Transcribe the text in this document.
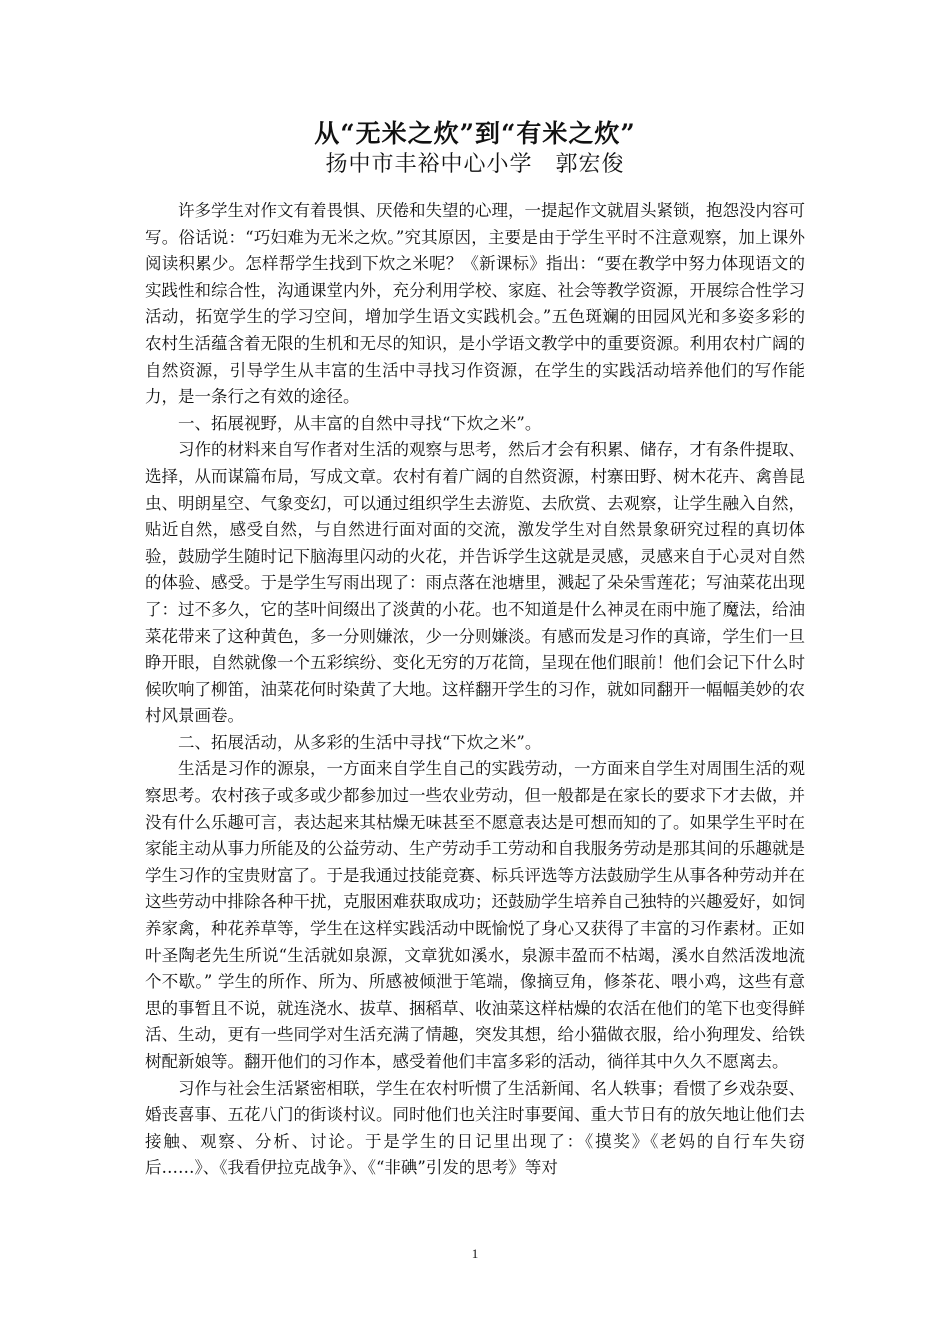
从“无米之炊”到“有米之炊”
扬中市丰裕中心小学　郭宏俊

许多学生对作文有着畏惧、厌倦和失望的心理，一提起作文就眉头紧锁，抱怨没内容可写。俗话说：“巧妇难为无米之炊。”究其原因，主要是由于学生平时不注意观察，加上课外阅读积累少。怎样帮学生找到下炊之米呢？《新课标》指出：“要在教学中努力体现语文的实践性和综合性，沟通课堂内外，充分利用学校、家庭、社会等教学资源，开展综合性学习活动，拓宽学生的学习空间，增加学生语文实践机会。”五色斑斓的田园风光和多姿多彩的农村生活蕴含着无限的生机和无尽的知识，是小学语文教学中的重要资源。利用农村广阔的自然资源，引导学生从丰富的生活中寻找习作资源，在学生的实践活动培养他们的写作能力，是一条行之有效的途径。

一、拓展视野，从丰富的自然中寻找“下炊之米”。

习作的材料来自写作者对生活的观察与思考，然后才会有积累、储存，才有条件提取、选择，从而谋篇布局，写成文章。农村有着广阔的自然资源，村寨田野、树木花卉、禽兽昆虫、明朗星空、气象变幻，可以通过组织学生去游览、去欣赏、去观察，让学生融入自然，贴近自然，感受自然，与自然进行面对面的交流，激发学生对自然景象研究过程的真切体验，鼓励学生随时记下脑海里闪动的火花，并告诉学生这就是灵感，灵感来自于心灵对自然的体验、感受。于是学生写雨出现了：雨点落在池塘里，溅起了朵朵雪莲花；写油菜花出现了：过不多久，它的茎叶间缀出了淡黄的小花。也不知道是什么神灵在雨中施了魔法，给油菜花带来了这种黄色，多一分则嫌浓，少一分则嫌淡。有感而发是习作的真谛，学生们一旦睁开眼，自然就像一个五彩缤纷、变化无穷的万花筒，呈现在他们眼前！他们会记下什么时候吹响了柳笛，油菜花何时染黄了大地。这样翻开学生的习作，就如同翻开一幅幅美妙的农村风景画卷。

二、拓展活动，从多彩的生活中寻找“下炊之米”。

生活是习作的源泉，一方面来自学生自己的实践劳动，一方面来自学生对周围生活的观察思考。农村孩子或多或少都参加过一些农业劳动，但一般都是在家长的要求下才去做，并没有什么乐趣可言，表达起来其枯燥无味甚至不愿意表达是可想而知的了。如果学生平时在家能主动从事力所能及的公益劳动、生产劳动手工劳动和自我服务劳动是那其间的乐趣就是学生习作的宝贵财富了。于是我通过技能竞赛、标兵评选等方法鼓励学生从事各种劳动并在这些劳动中排除各种干扰，克服困难获取成功；还鼓励学生培养自己独特的兴趣爱好，如饲养家禽，种花养草等，学生在这样实践活动中既愉悦了身心又获得了丰富的习作素材。正如叶圣陶老先生所说“生活就如泉源，文章犹如溪水，泉源丰盈而不枯竭，溪水自然活泼地流个不歇。” 学生的所作、所为、所感被倾泄于笔端，像摘豆角，修茶花、喂小鸡，这些有意思的事暂且不说，就连浇水、拔草、捆稻草、收油菜这样枯燥的农活在他们的笔下也变得鲜活、生动，更有一些同学对生活充满了情趣，突发其想，给小猫做衣服，给小狗理发、给铁树配新娘等。翻开他们的习作本，感受着他们丰富多彩的活动，徜徉其中久久不愿离去。

习作与社会生活紧密相联，学生在农村听惯了生活新闻、名人轶事；看惯了乡戏杂耍、婚丧喜事、五花八门的街谈村议。同时他们也关注时事要闻、重大节日有的放矢地让他们去接触、观察、分析、讨论。于是学生的日记里出现了：《摸奖》《老妈的自行车失窃后……》、《我看伊拉克战争》、《“非碘”引发的思考》等对

1
